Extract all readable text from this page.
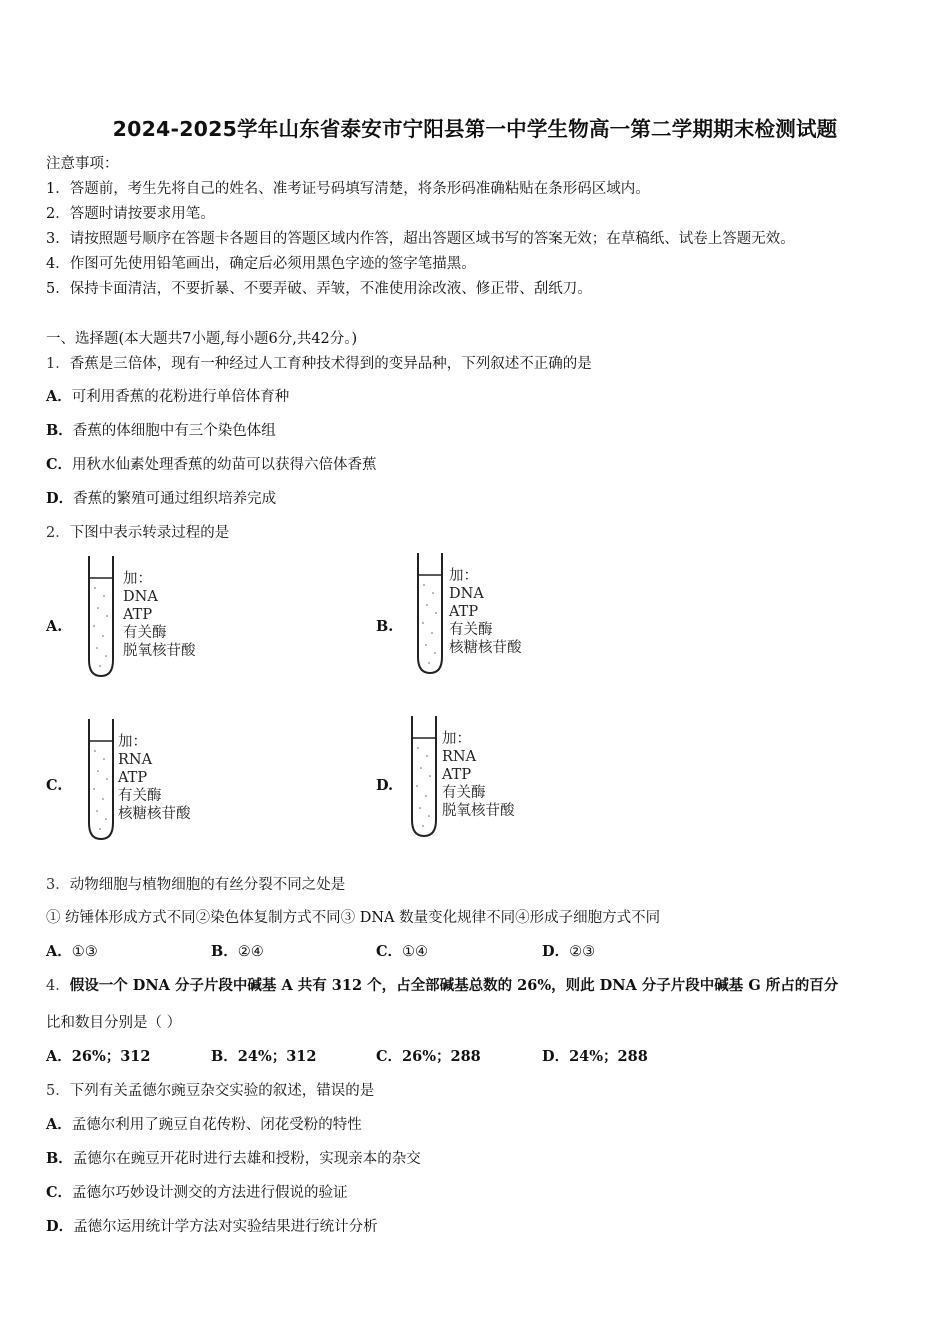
2024-2025学年山东省泰安市宁阳县第一中学生物高一第二学期期末检测试题
注意事项：
1．答题前，考生先将自己的姓名、准考证号码填写清楚，将条形码准确粘贴在条形码区域内。
2．答题时请按要求用笔。
3．请按照题号顺序在答题卡各题目的答题区域内作答，超出答题区域书写的答案无效；在草稿纸、试卷上答题无效。
4．作图可先使用铅笔画出，确定后必须用黑色字迹的签字笔描黑。
5．保持卡面清洁，不要折暴、不要弄破、弄皱，不准使用涂改液、修正带、刮纸刀。
一、选择题(本大题共7小题,每小题6分,共42分。)
1．香蕉是三倍体，现有一种经过人工育种技术得到的变异品种，下列叙述不正确的是
A．可利用香蕉的花粉进行单倍体育种
B．香蕉的体细胞中有三个染色体组
C．用秋水仙素处理香蕉的幼苗可以获得六倍体香蕉
D．香蕉的繁殖可通过组织培养完成
2．下图中表示转录过程的是
A.
加：
DNA
ATP
有关酶
脱氧核苷酸
B.
加：
DNA
ATP
有关酶
核糖核苷酸
C.
加：
RNA
ATP
有关酶
核糖核苷酸
D.
加：
RNA
ATP
有关酶
脱氧核苷酸
3．动物细胞与植物细胞的有丝分裂不同之处是
① 纺锤体形成方式不同②染色体复制方式不同③ DNA 数量变化规律不同④形成子细胞方式不同
A．①③	B．②④	C．①④	D．②③
4．假设一个 DNA 分子片段中碱基 A 共有 312 个，占全部碱基总数的 26%，则此 DNA 分子片段中碱基 G 所占的百分
比和数目分别是（ ）
A．26%；312	B．24%；312	C．26%；288	D．24%；288
5．下列有关孟德尔豌豆杂交实验的叙述，错误的是
A．孟德尔利用了豌豆自花传粉、闭花受粉的特性
B．孟德尔在豌豆开花时进行去雄和授粉，实现亲本的杂交
C．孟德尔巧妙设计测交的方法进行假说的验证
D．孟德尔运用统计学方法对实验结果进行统计分析
